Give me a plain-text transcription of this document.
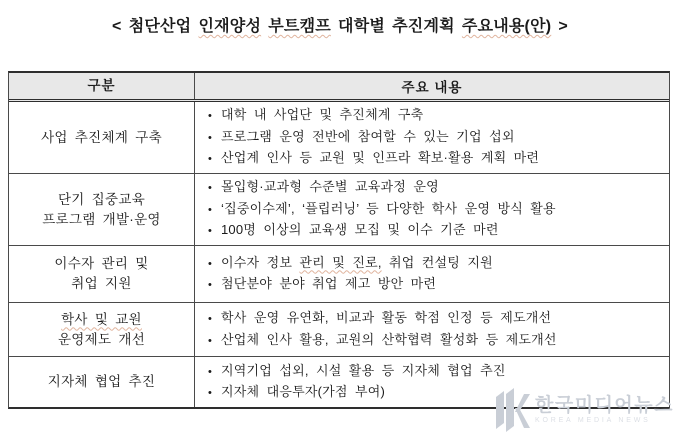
< 첨단산업 인재양성 부트캠프 대학별 추진계획 주요내용(안) >
구분	주요 내용
사업 추진체계 구축
• 대학 내 사업단 및 추진체계 구축
• 프로그램 운영 전반에 참여할 수 있는 기업 섭외
• 산업계 인사 등 교원 및 인프라 확보·활용 계획 마련
단기 집중교육
프로그램 개발·운영
• 몰입형·교과형 수준별 교육과정 운영
• ‘집중이수제’, ‘플립러닝’ 등 다양한 학사 운영 방식 활용
• 100명 이상의 교육생 모집 및 이수 기준 마련
이수자 관리 및
취업 지원
• 이수자 정보 관리 및 진로, 취업 컨설팅 지원
• 첨단분야 분야 취업 제고 방안 마련
학사 및 교원
운영제도 개선
• 학사 운영 유연화, 비교과 활동 학점 인정 등 제도개선
• 산업체 인사 활용, 교원의 산학협력 활성화 등 제도개선
지자체 협업 추진
• 지역기업 섭외, 시설 활용 등 지자체 협업 추진
• 지자체 대응투자(가점 부여)
한국미디어뉴스
KOREA MEDIA NEWS
